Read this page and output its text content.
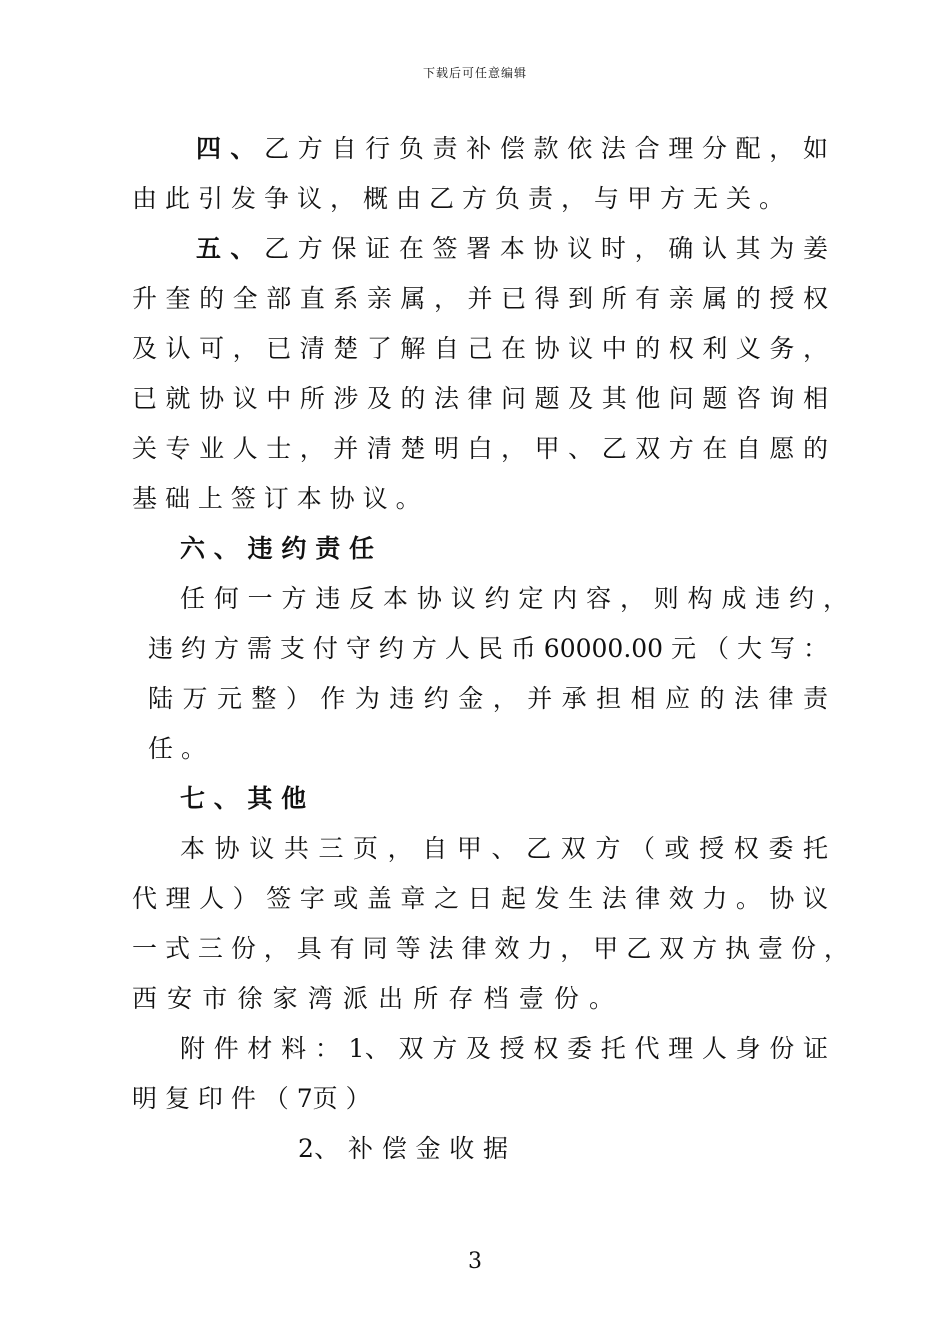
下载后可任意编辑
四 、 乙 方 自 行 负 责 补 偿 款 依 法 合 理 分 配 ， 如
由 此 引 发 争 议 ， 概 由 乙 方 负 责 ， 与 甲 方 无 关 。
五 、 乙 方 保 证 在 签 署 本 协 议 时 ， 确 认 其 为 姜
升 奎 的 全 部 直 系 亲 属 ， 并 已 得 到 所 有 亲 属 的 授 权
及 认 可 ， 已 清 楚 了 解 自 己 在 协 议 中 的 权 利 义 务 ，
已 就 协 议 中 所 涉 及 的 法 律 问 题 及 其 他 问 题 咨 询 相
关 专 业 人 士 ， 并 清 楚 明 白 ， 甲 、 乙 双 方 在 自 愿 的
基 础 上 签 订 本 协 议 。
六 、 违 约 责 任
任 何 一 方 违 反 本 协 议 约 定 内 容 ， 则 构 成 违 约 ，
违 约 方 需 支 付 守 约 方 人 民 币 60000.00 元 （ 大 写 ：
陆 万 元 整 ） 作 为 违 约 金 ， 并 承 担 相 应 的 法 律 责
任 。
七 、 其 他
本 协 议 共 三 页 ， 自 甲 、 乙 双 方 （ 或 授 权 委 托
代 理 人 ） 签 字 或 盖 章 之 日 起 发 生 法 律 效 力 。 协 议
一 式 三 份 ， 具 有 同 等 法 律 效 力 ， 甲 乙 双 方 执 壹 份 ，
西 安 市 徐 家 湾 派 出 所 存 档 壹 份 。
附 件 材 料 ： 1、 双 方 及 授 权 委 托 代 理 人 身 份 证
明 复 印 件 （ 7页 ）
2、 补 偿 金 收 据
3
